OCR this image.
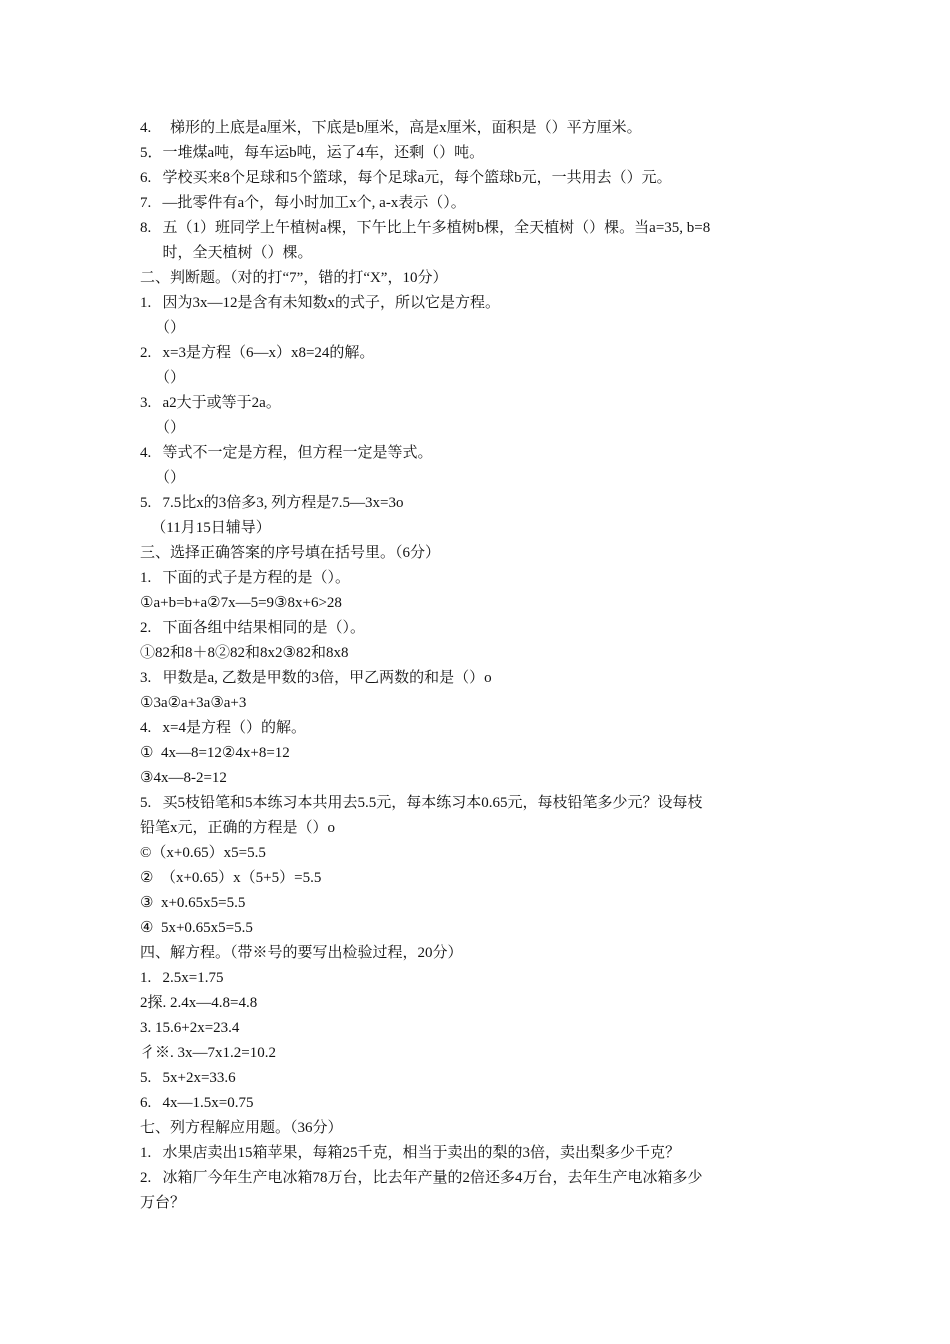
4.     梯形的上底是a厘米，下底是b厘米，高是x厘米，面积是（）平方厘米。
5．一堆煤a吨，每车运b吨，运了4车，还剩（）吨。
6.   学校买来8个足球和5个篮球，每个足球a元，每个篮球b元，一共用去（）元。
7.   —批零件有a个，每小时加工x个, a-x表示（）。
8.   五（1）班同学上午植树a棵，下午比上午多植树b棵，全天植树（）棵。当a=35, b=8
时，全天植树（）棵。
二、判断题。（对的打“7”，错的打“X”，10分）
1.   因为3x—12是含有未知数x的式子，所以它是方程。
（）
2.   x=3是方程（6—x）x8=24的解。
（）
3.   a2大于或等于2a。
（）
4.   等式不一定是方程，但方程一定是等式。
（）
5.   7.5比x的3倍多3, 列方程是7.5—3x=3o
（11月15日辅导）
三、选择正确答案的序号填在括号里。（6分）
1.   下面的式子是方程的是（）。
①a+b=b+a②7x—5=9③8x+6>28
2.   下面各组中结果相同的是（）。
①82和8＋8②82和8x2③82和8x8
3.   甲数是a, 乙数是甲数的3倍，甲乙两数的和是（）o
①3a②a+3a③a+3
4.   x=4是方程（）的解。
①  4x—8=12②4x+8=12
③4x—8-2=12
5.   买5枝铅笔和5本练习本共用去5.5元，每本练习本0.65元，每枝铅笔多少元？设每枝
铅笔x元，正确的方程是（）o
©（x+0.65）x5=5.5
②  （x+0.65）x（5+5）=5.5
③  x+0.65x5=5.5
④  5x+0.65x5=5.5
四、解方程。（带※号的要写出检验过程，20分）
1.   2.5x=1.75
2探. 2.4x—4.8=4.8
3. 15.6+2x=23.4
彳※. 3x—7x1.2=10.2
5.   5x+2x=33.6
6.   4x—1.5x=0.75
七、列方程解应用题。（36分）
1.   水果店卖出15箱苹果，每箱25千克，相当于卖出的梨的3倍，卖出梨多少千克？
2.   冰箱厂今年生产电冰箱78万台，比去年产量的2倍还多4万台，去年生产电冰箱多少
万台？
